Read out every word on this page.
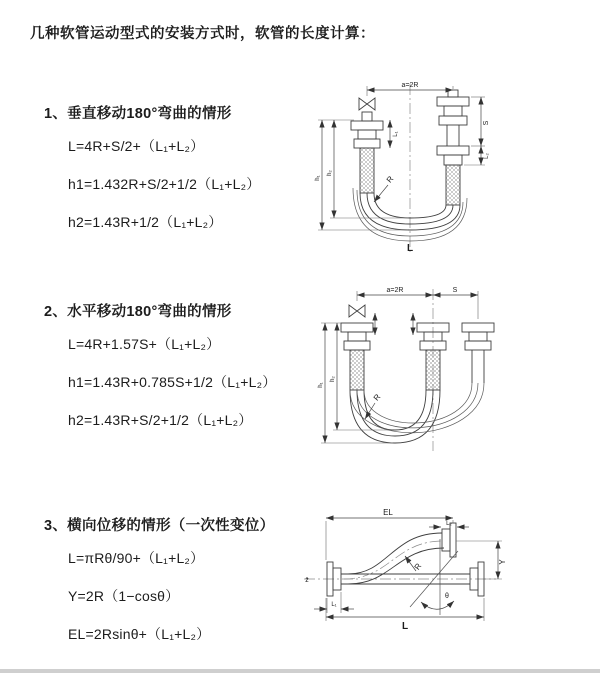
几种软管运动型式的安装方式时，软管的长度计算：
1、垂直移动180°弯曲的情形

L=4R+S/2+（L₁+L₂）

h1=1.432R+S/2+1/2（L₁+L₂）

h2=1.43R+1/2（L₁+L₂）

2、水平移动180°弯曲的情形

L=4R+1.57S+（L₁+L₂）

h1=1.43R+0.785S+1/2（L₁+L₂）

h2=1.43R+S/2+1/2（L₁+L₂）

3、横向位移的情形（一次性变位）

L=πRθ/90+（L₁+L₂）

Y=2R（1−cosθ）

EL=2Rsinθ+（L₁+L₂）

a=2R
S
L₂
L₁
h₁
h₂
R
L
a=2R	S
h₁
h₂
R
θ
EL
L₂
Y
L
L₁
z̄
R
